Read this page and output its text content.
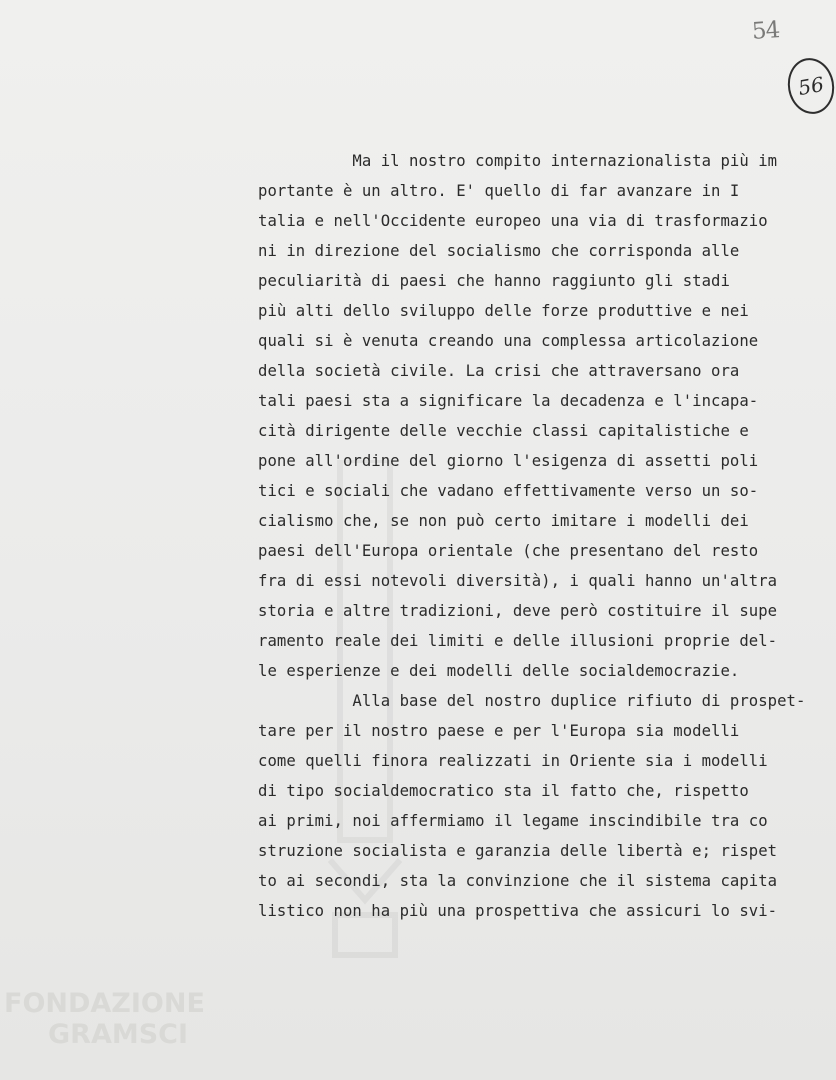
54
56
Ma il nostro compito internazionalista più im
portante è un altro. E' quello di far avanzare in I
talia e nell'Occidente europeo una via di trasformazio
ni in direzione del socialismo che corrisponda alle
peculiarità di paesi che hanno raggiunto gli stadi
più alti dello sviluppo delle forze produttive e nei
quali si è venuta creando una complessa articolazione
della società civile. La crisi che attraversano ora
tali paesi sta a significare la decadenza e l'incapa-
cità dirigente delle vecchie classi capitalistiche e
pone all'ordine del giorno l'esigenza di assetti poli
tici e sociali che vadano effettivamente verso un so-
cialismo che, se non può certo imitare i modelli dei
paesi dell'Europa orientale (che presentano del resto
fra di essi notevoli diversità), i quali hanno un'altra
storia e altre tradizioni, deve però costituire il supe
ramento reale dei limiti e delle illusioni proprie del-
le esperienze e dei modelli delle socialdemocrazie.
Alla base del nostro duplice rifiuto di prospet-
tare per il nostro paese e per l'Europa sia modelli
come quelli finora realizzati in Oriente sia i modelli
di tipo socialdemocratico sta il fatto che, rispetto
ai primi, noi affermiamo il legame inscindibile tra co
struzione socialista e garanzia delle libertà e; rispet
to ai secondi, sta la convinzione che il sistema capita
listico non ha più una prospettiva che assicuri lo svi-
FONDAZIONE
GRAMSCI
